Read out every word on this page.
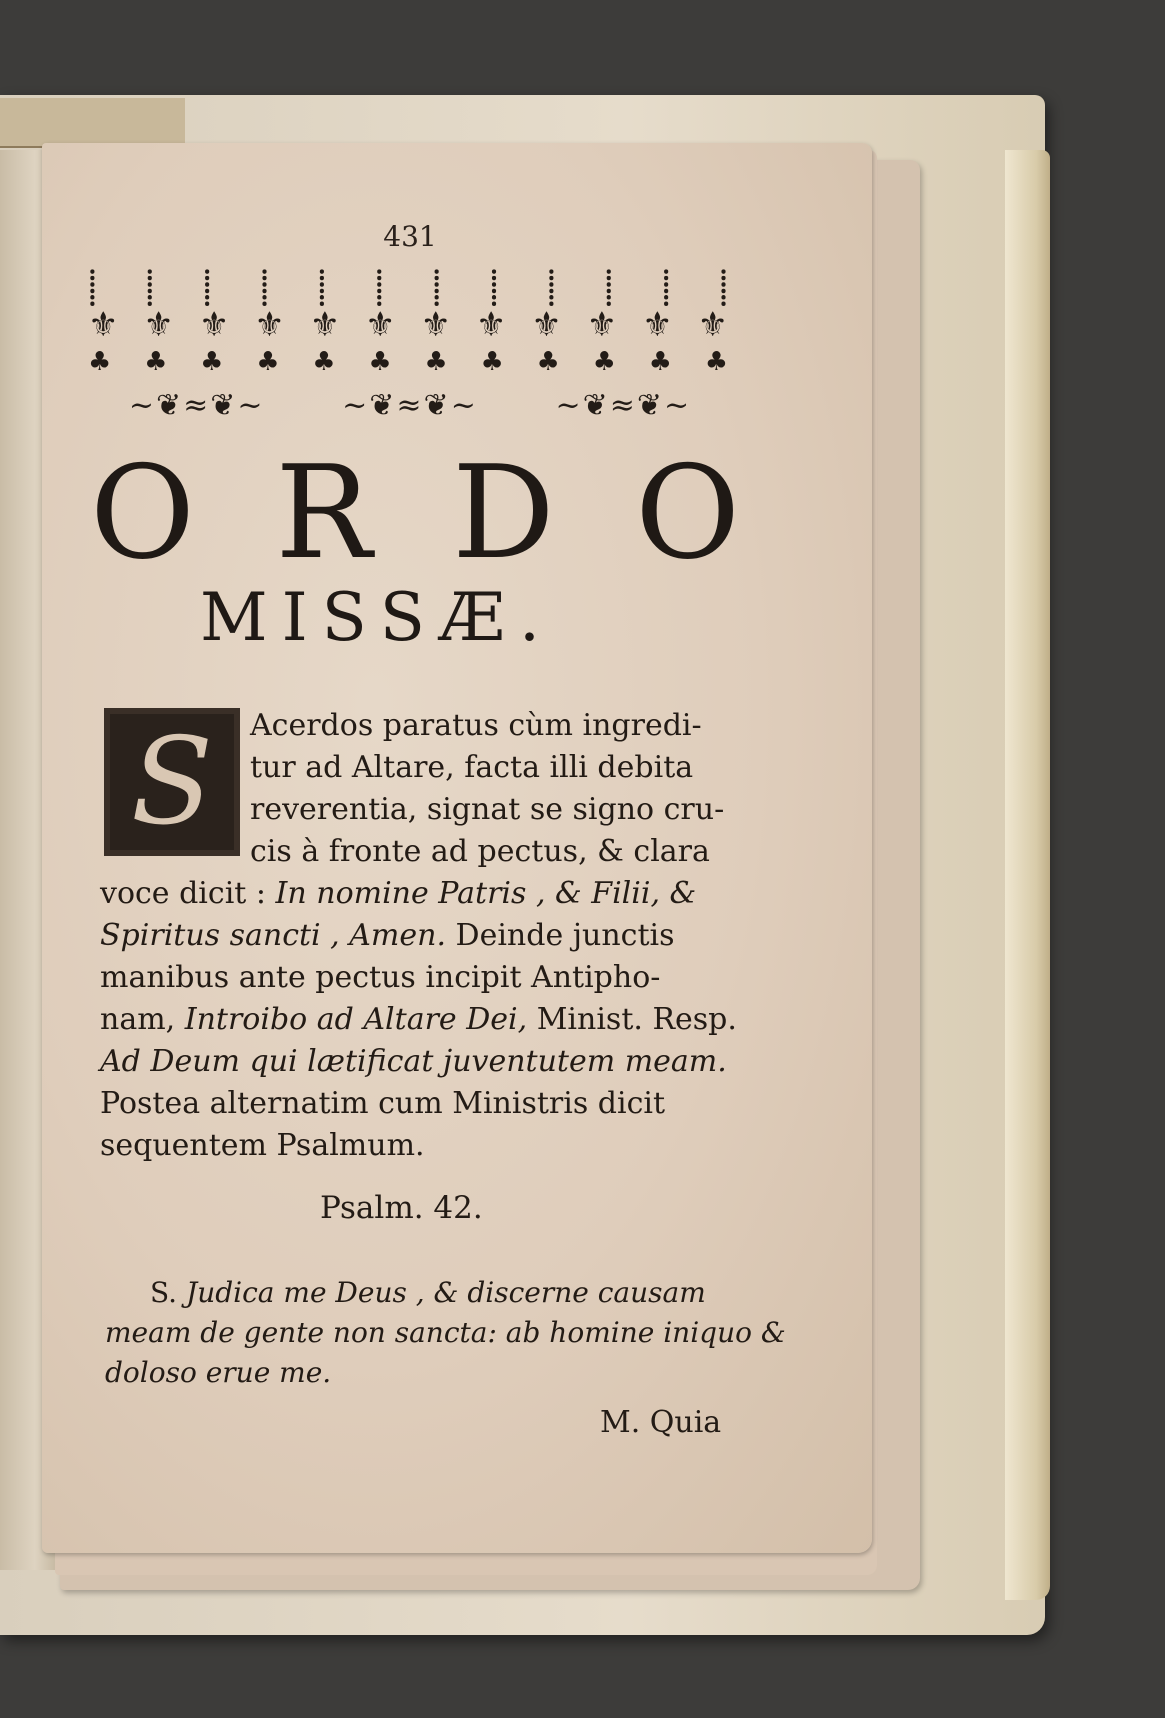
431
⸽ ⸽ ⸽ ⸽ ⸽ ⸽ ⸽ ⸽ ⸽ ⸽ ⸽ ⸽
⚜ ⚜ ⚜ ⚜ ⚜ ⚜ ⚜ ⚜ ⚜ ⚜ ⚜ ⚜
♣ ♣ ♣ ♣ ♣ ♣ ♣ ♣ ♣ ♣ ♣ ♣
~❦≈❦~	~❦≈❦~	~❦≈❦~
O R D O
MISSÆ.
S	Acerdos paratus cùm ingredi-
tur ad Altare, facta illi debita
reverentia, signat se signo cru-
cis à fronte ad pectus, & clara
voce dicit : In nomine Patris , & Filii, &
Spiritus sancti , Amen. Deinde junctis
manibus ante pectus incipit Antipho-
nam, Introibo ad Altare Dei, Minist. Resp.
Ad Deum qui lætificat juventutem meam.
Postea alternatim cum Ministris dicit
sequentem Psalmum.
Psalm. 42.
S. Judica me Deus , & discerne causam
meam de gente non sancta: ab homine iniquo &
doloso erue me.
M. Quia
